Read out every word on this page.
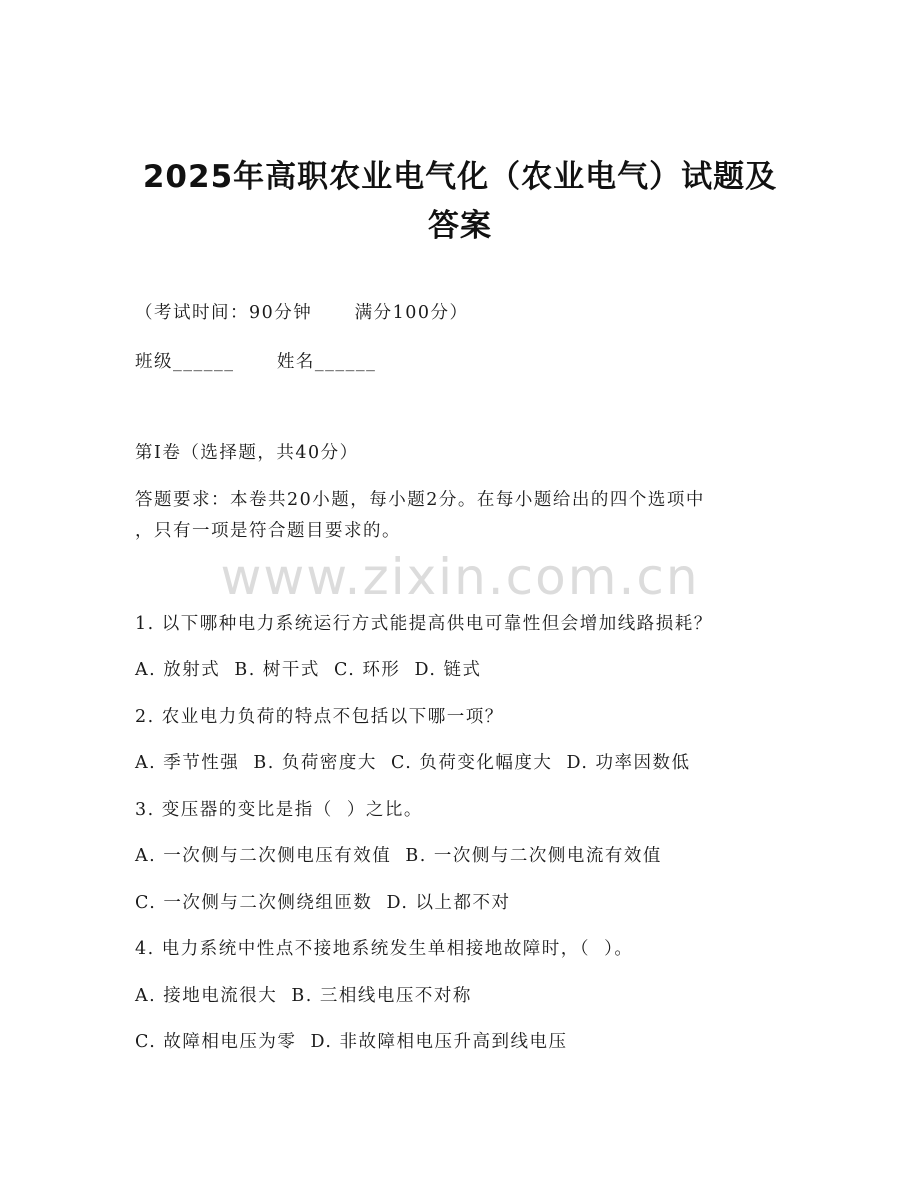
2025年高职农业电气化（农业电气）试题及
答案

（考试时间：90分钟      满分100分）

班级______      姓名______

第I卷（选择题，共40分）

答题要求：本卷共20小题，每小题2分。在每小题给出的四个选项中

，只有一项是符合题目要求的。

www.zixin.com.cn

1. 以下哪种电力系统运行方式能提高供电可靠性但会增加线路损耗？

A. 放射式  B. 树干式  C. 环形  D. 链式

2. 农业电力负荷的特点不包括以下哪一项？

A. 季节性强  B. 负荷密度大  C. 负荷变化幅度大  D. 功率因数低

3. 变压器的变比是指（  ）之比。

A. 一次侧与二次侧电压有效值  B. 一次侧与二次侧电流有效值

C. 一次侧与二次侧绕组匝数  D. 以上都不对

4. 电力系统中性点不接地系统发生单相接地故障时，（  ）。

A. 接地电流很大  B. 三相线电压不对称

C. 故障相电压为零  D. 非故障相电压升高到线电压
